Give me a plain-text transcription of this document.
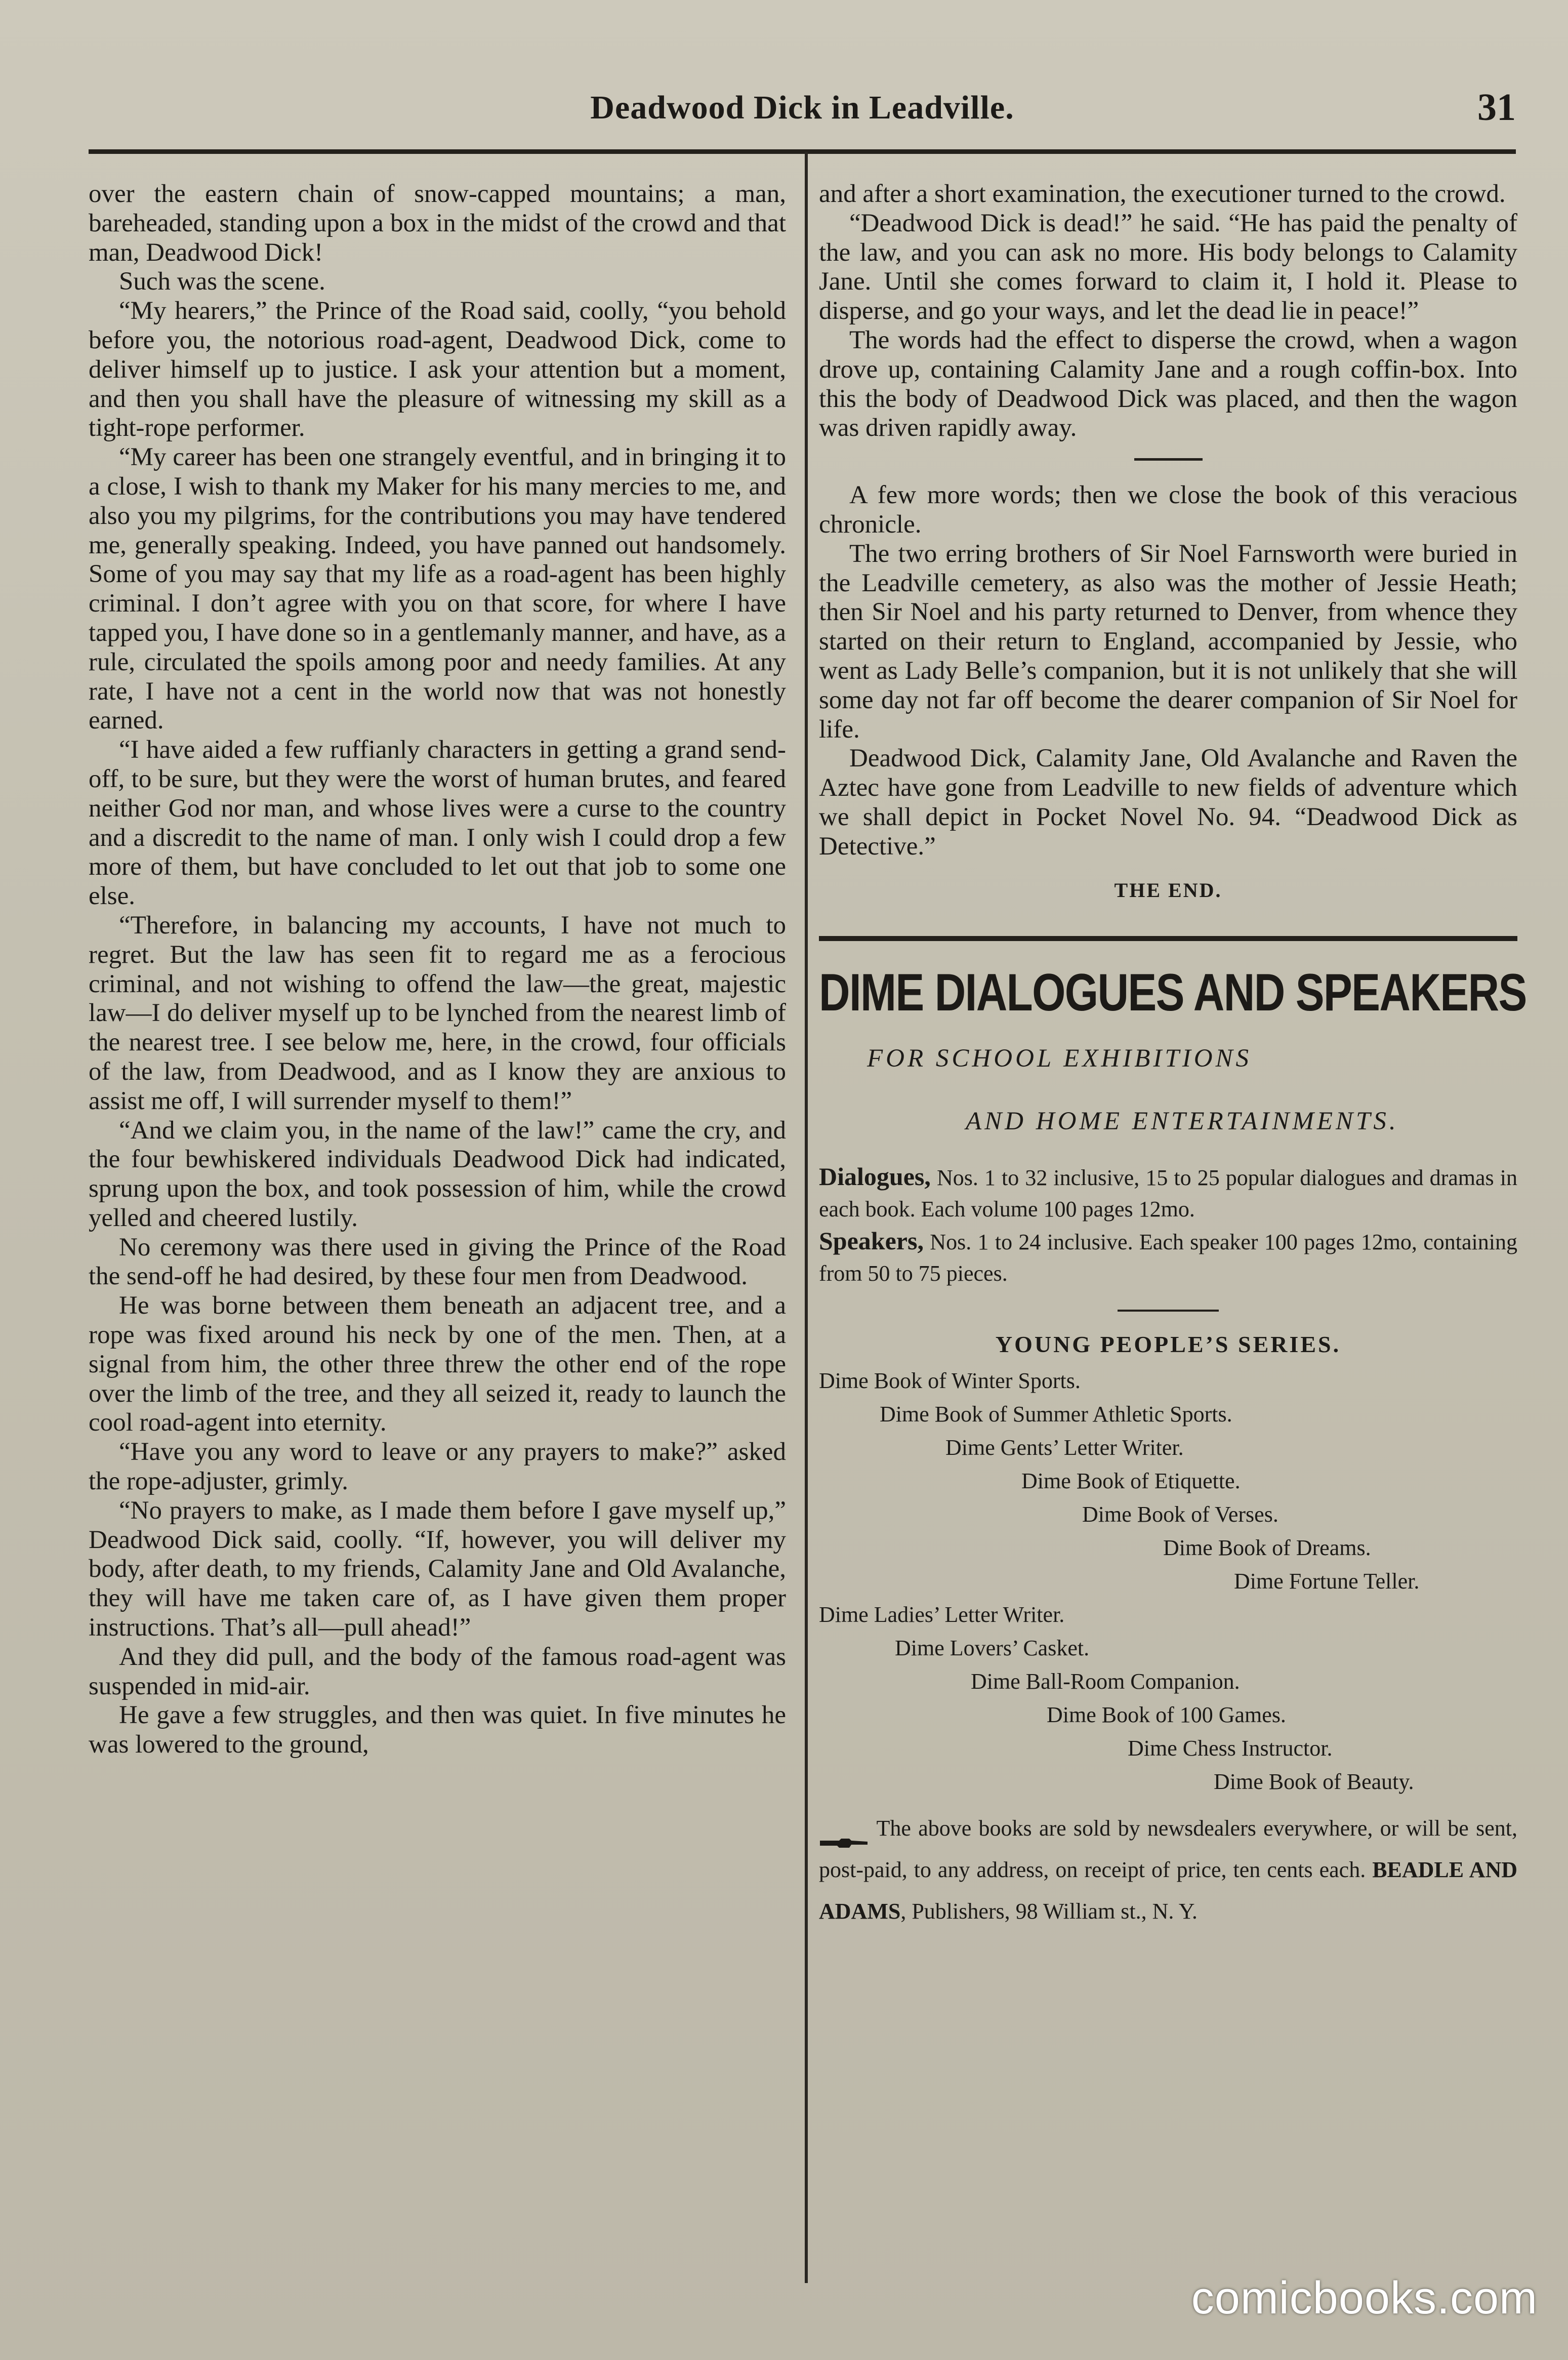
Deadwood Dick in Leadville.	31

over the eastern chain of snow-capped mountains; a man, bareheaded, standing upon a box in the midst of the crowd and that man, Deadwood Dick!

Such was the scene.

“My hearers,” the Prince of the Road said, coolly, “you behold before you, the notorious road-agent, Deadwood Dick, come to deliver himself up to justice. I ask your attention but a moment, and then you shall have the pleasure of witnessing my skill as a tight-rope performer.

“My career has been one strangely eventful, and in bringing it to a close, I wish to thank my Maker for his many mercies to me, and also you my pilgrims, for the contributions you may have tendered me, generally speaking. Indeed, you have panned out handsomely. Some of you may say that my life as a road-agent has been highly criminal. I don’t agree with you on that score, for where I have tapped you, I have done so in a gentlemanly manner, and have, as a rule, circulated the spoils among poor and needy families. At any rate, I have not a cent in the world now that was not honestly earned.

“I have aided a few ruffianly characters in getting a grand send-off, to be sure, but they were the worst of human brutes, and feared neither God nor man, and whose lives were a curse to the country and a discredit to the name of man. I only wish I could drop a few more of them, but have concluded to let out that job to some one else.

“Therefore, in balancing my accounts, I have not much to regret. But the law has seen fit to regard me as a ferocious criminal, and not wishing to offend the law—the great, majestic law—I do deliver myself up to be lynched from the nearest limb of the nearest tree. I see below me, here, in the crowd, four officials of the law, from Deadwood, and as I know they are anxious to assist me off, I will surrender myself to them!”

“And we claim you, in the name of the law!” came the cry, and the four bewhiskered individuals Deadwood Dick had indicated, sprung upon the box, and took possession of him, while the crowd yelled and cheered lustily.

No ceremony was there used in giving the Prince of the Road the send-off he had desired, by these four men from Deadwood.

He was borne between them beneath an adjacent tree, and a rope was fixed around his neck by one of the men. Then, at a signal from him, the other three threw the other end of the rope over the limb of the tree, and they all seized it, ready to launch the cool road-agent into eternity.

“Have you any word to leave or any prayers to make?” asked the rope-adjuster, grimly.

“No prayers to make, as I made them before I gave myself up,” Deadwood Dick said, coolly. “If, however, you will deliver my body, after death, to my friends, Calamity Jane and Old Avalanche, they will have me taken care of, as I have given them proper instructions. That’s all—pull ahead!”

And they did pull, and the body of the famous road-agent was suspended in mid-air.

He gave a few struggles, and then was quiet. In five minutes he was lowered to the ground,

and after a short examination, the executioner turned to the crowd.

“Deadwood Dick is dead!” he said. “He has paid the penalty of the law, and you can ask no more. His body belongs to Calamity Jane. Until she comes forward to claim it, I hold it. Please to disperse, and go your ways, and let the dead lie in peace!”

The words had the effect to disperse the crowd, when a wagon drove up, containing Calamity Jane and a rough coffin-box. Into this the body of Deadwood Dick was placed, and then the wagon was driven rapidly away.

A few more words; then we close the book of this veracious chronicle.

The two erring brothers of Sir Noel Farnsworth were buried in the Leadville cemetery, as also was the mother of Jessie Heath; then Sir Noel and his party returned to Denver, from whence they started on their return to England, accompanied by Jessie, who went as Lady Belle’s companion, but it is not unlikely that she will some day not far off become the dearer companion of Sir Noel for life.

Deadwood Dick, Calamity Jane, Old Avalanche and Raven the Aztec have gone from Leadville to new fields of adventure which we shall depict in Pocket Novel No. 94. “Deadwood Dick as Detective.”

THE END.
DIME DIALOGUES AND SPEAKERS
FOR SCHOOL EXHIBITIONS
AND HOME ENTERTAINMENTS.
Dialogues, Nos. 1 to 32 inclusive, 15 to 25 popular dialogues and dramas in each book. Each volume 100 pages 12mo.
Speakers, Nos. 1 to 24 inclusive. Each speaker 100 pages 12mo, containing from 50 to 75 pieces.
YOUNG PEOPLE’S SERIES.
Dime Book of Winter Sports.
Dime Book of Summer Athletic Sports.
Dime Gents’ Letter Writer.
Dime Book of Etiquette.
Dime Book of Verses.
Dime Book of Dreams.
Dime Fortune Teller.
Dime Ladies’ Letter Writer.
Dime Lovers’ Casket.
Dime Ball-Room Companion.
Dime Book of 100 Games.
Dime Chess Instructor.
Dime Book of Beauty.
The above books are sold by newsdealers everywhere, or will be sent, post-paid, to any address, on receipt of price, ten cents each. BEADLE AND ADAMS, Publishers, 98 William st., N. Y.
comicbooks.com
